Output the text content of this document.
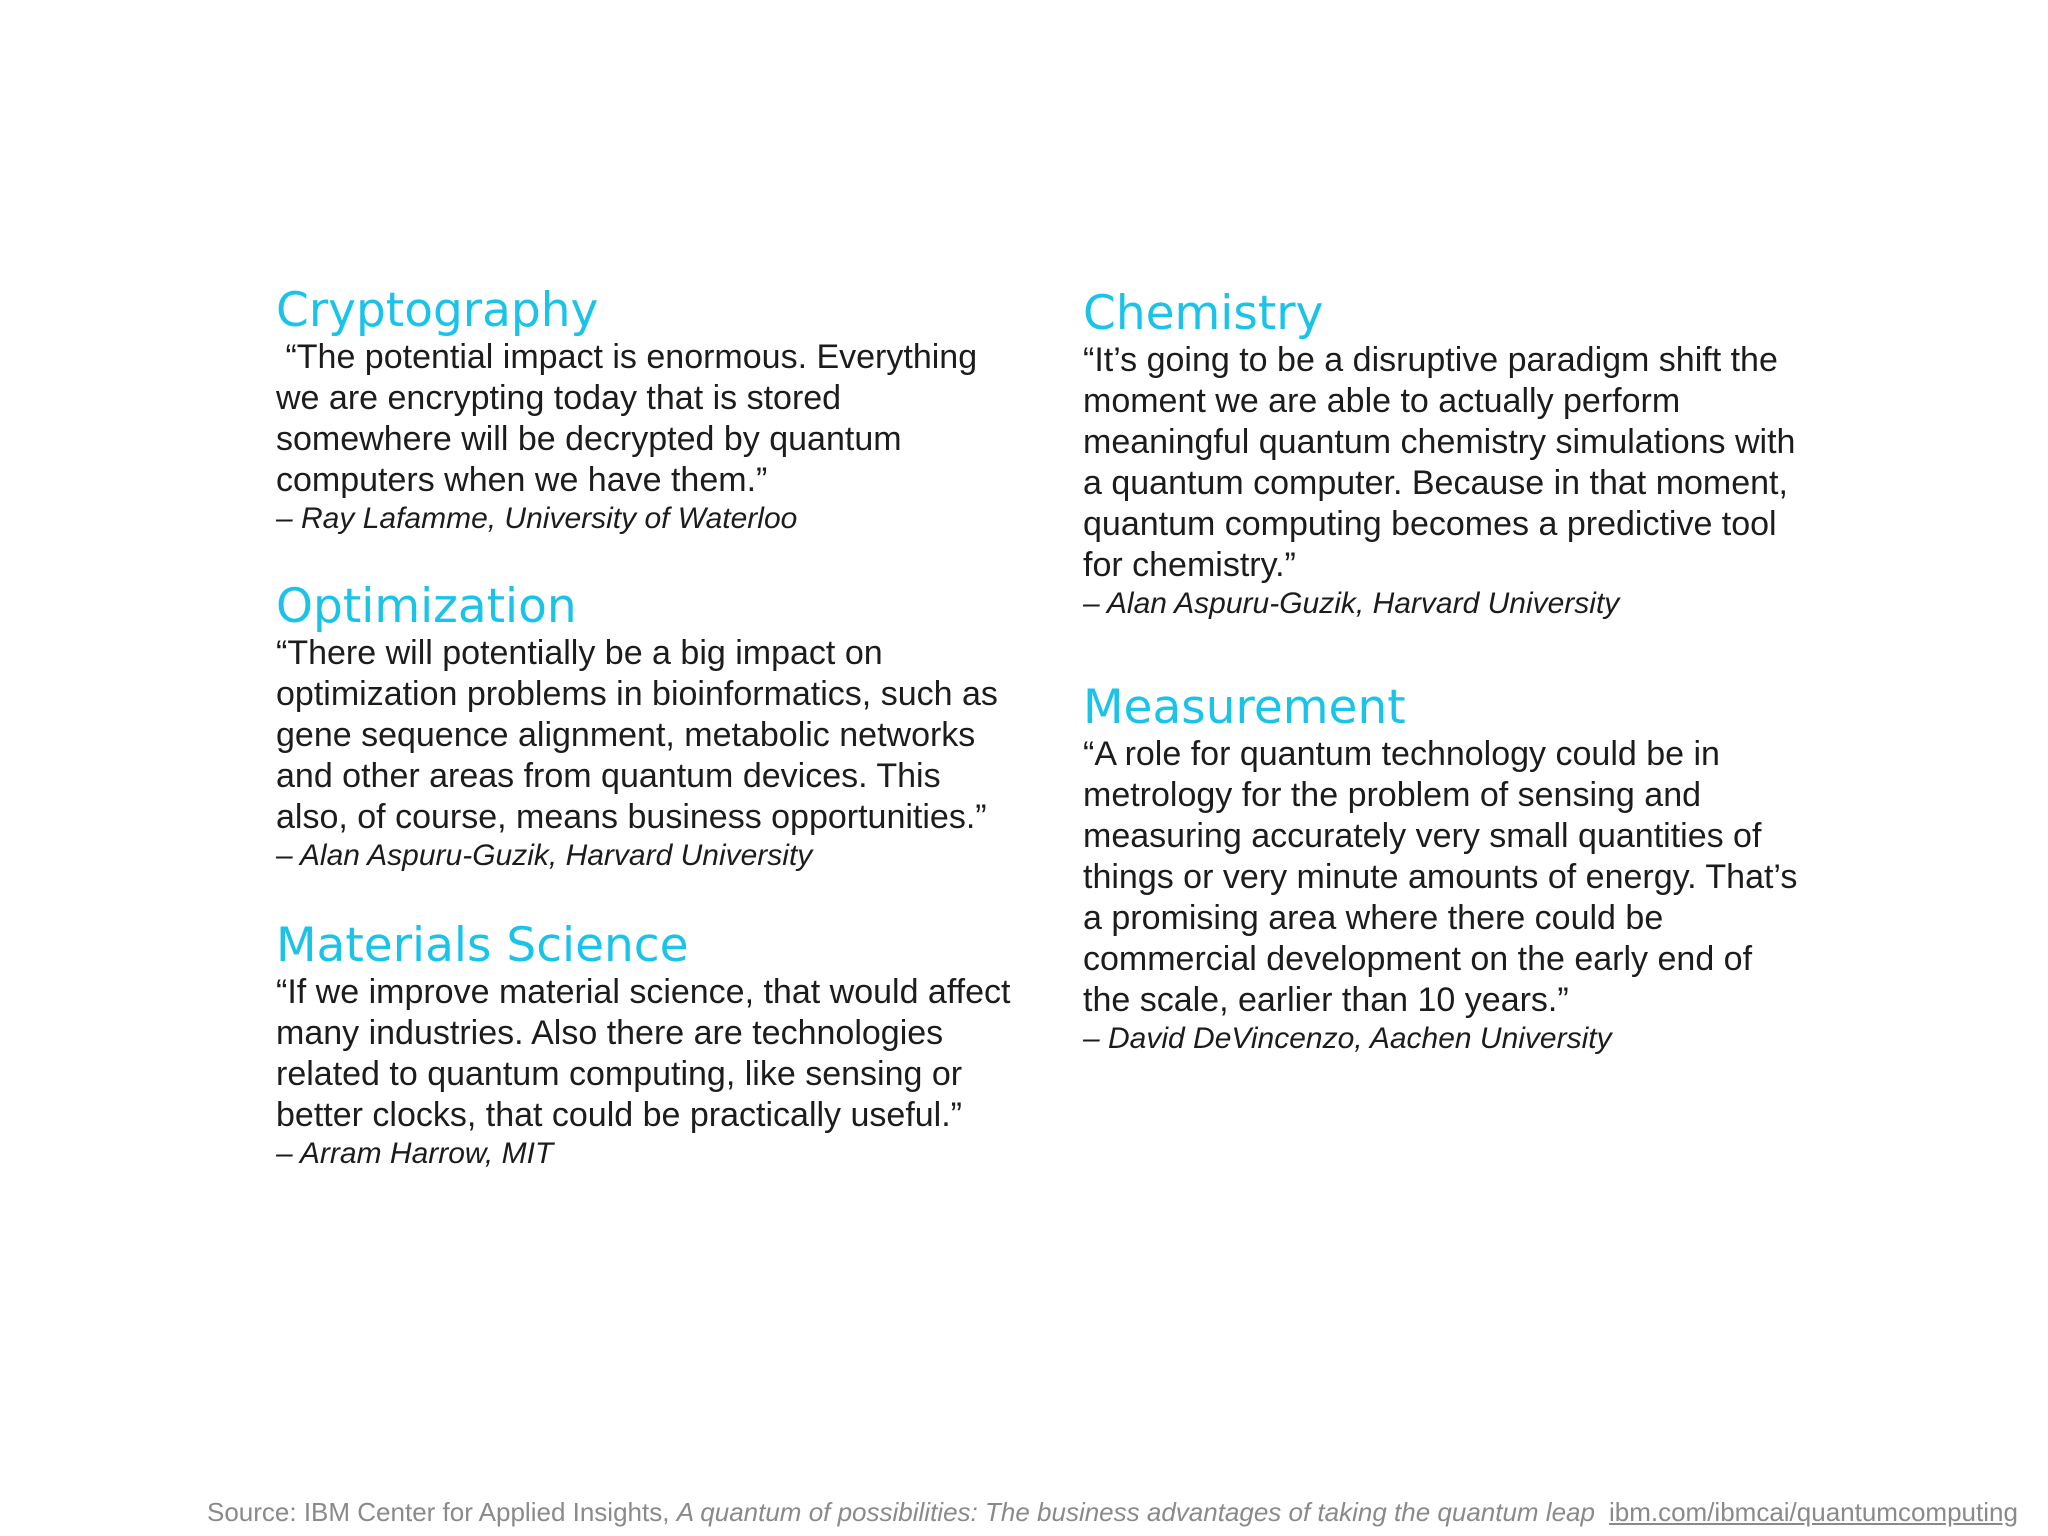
Cryptography

“The potential impact is enormous. Everything
we are encrypting today that is stored
somewhere will be decrypted by quantum
computers when we have them.”

– Ray Lafamme, University of Waterloo

Optimization

“There will potentially be a big impact on
optimization problems in bioinformatics, such as
gene sequence alignment, metabolic networks
and other areas from quantum devices. This
also, of course, means business opportunities.”

– Alan Aspuru-Guzik, Harvard University

Materials Science

“If we improve material science, that would affect
many industries. Also there are technologies
related to quantum computing, like sensing or
better clocks, that could be practically useful.”

– Arram Harrow, MIT

Chemistry

“It’s going to be a disruptive paradigm shift the
moment we are able to actually perform
meaningful quantum chemistry simulations with
a quantum computer. Because in that moment,
quantum computing becomes a predictive tool
for chemistry.”

– Alan Aspuru-Guzik, Harvard University

Measurement

“A role for quantum technology could be in
metrology for the problem of sensing and
measuring accurately very small quantities of
things or very minute amounts of energy. That’s
a promising area where there could be
commercial development on the early end of
the scale, earlier than 10 years.”

– David DeVincenzo, Aachen University

Source: IBM Center for Applied Insights, A quantum of possibilities: The business advantages of taking the quantum leap ibm.com/ibmcai/quantumcomputing
